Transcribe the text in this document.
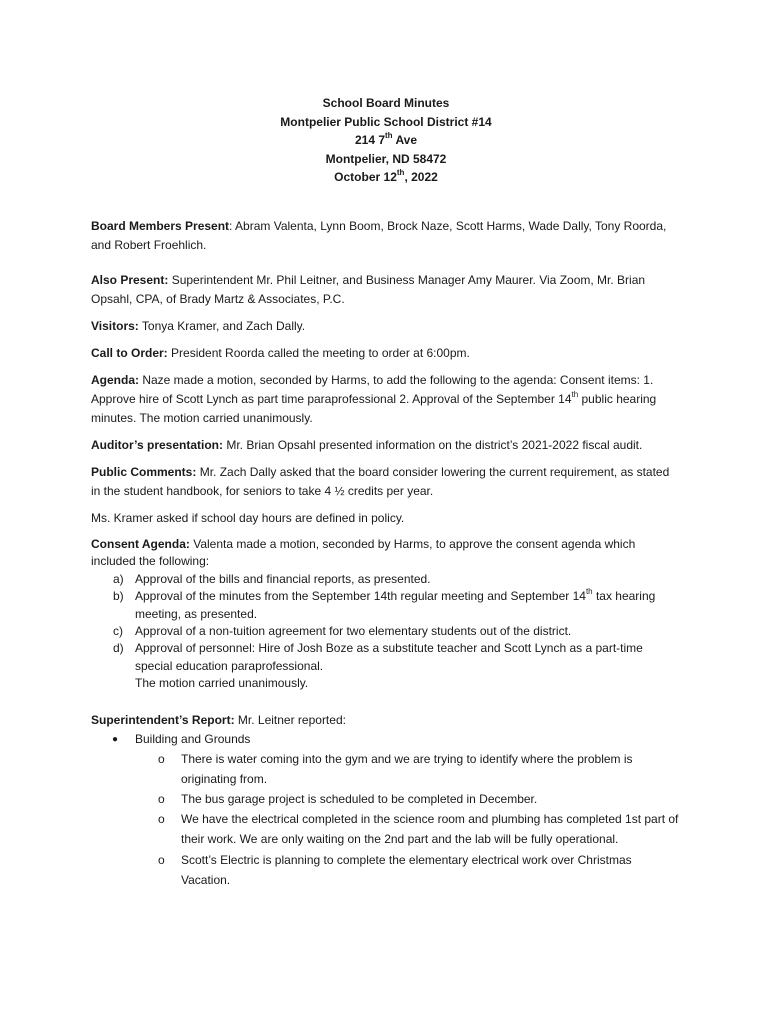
School Board Minutes
Montpelier Public School District #14
214 7th Ave
Montpelier, ND 58472
October 12th, 2022

Board Members Present: Abram Valenta, Lynn Boom, Brock Naze, Scott Harms, Wade Dally, Tony Roorda, and Robert Froehlich.

Also Present: Superintendent Mr. Phil Leitner, and Business Manager Amy Maurer. Via Zoom, Mr. Brian Opsahl, CPA, of Brady Martz & Associates, P.C.

Visitors: Tonya Kramer, and Zach Dally.

Call to Order: President Roorda called the meeting to order at 6:00pm.

Agenda: Naze made a motion, seconded by Harms, to add the following to the agenda: Consent items: 1. Approve hire of Scott Lynch as part time paraprofessional 2. Approval of the September 14th public hearing minutes. The motion carried unanimously.

Auditor’s presentation: Mr. Brian Opsahl presented information on the district’s 2021-2022 fiscal audit.

Public Comments: Mr. Zach Dally asked that the board consider lowering the current requirement, as stated in the student handbook, for seniors to take 4 ½ credits per year.

Ms. Kramer asked if school day hours are defined in policy.

Consent Agenda: Valenta made a motion, seconded by Harms, to approve the consent agenda which included the following:

a) Approval of the bills and financial reports, as presented.
b) Approval of the minutes from the September 14th regular meeting and September 14th tax hearing meeting, as presented.
c) Approval of a non-tuition agreement for two elementary students out of the district.
d) Approval of personnel: Hire of Josh Boze as a substitute teacher and Scott Lynch as a part-time special education paraprofessional.
The motion carried unanimously.

Superintendent’s Report: Mr. Leitner reported:

● Building and Grounds
o There is water coming into the gym and we are trying to identify where the problem is originating from.
o The bus garage project is scheduled to be completed in December.
o We have the electrical completed in the science room and plumbing has completed 1st part of their work. We are only waiting on the 2nd part and the lab will be fully operational.
o Scott’s Electric is planning to complete the elementary electrical work over Christmas Vacation.
